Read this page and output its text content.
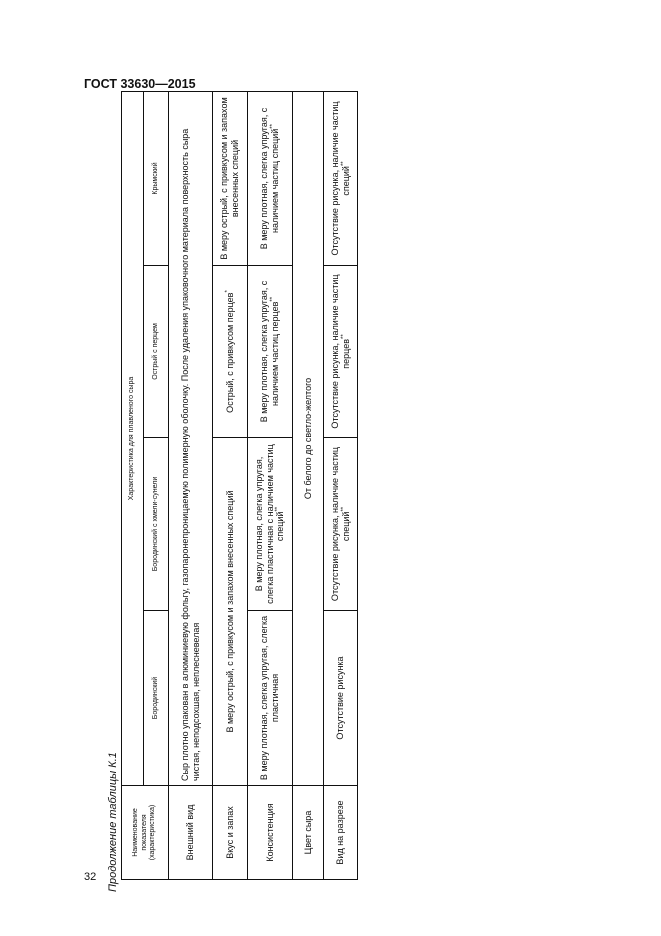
ГОСТ 33630—2015
32 Продолжение таблицы К.1 Наименование показателя (характеристика)	Характеристика для плавленого сыра			
	Бородинский	Бородинский с хмели-сунели	Острый с перцем	Крымский
Внешний вид	Сыр плотно упакован в алюминиевую фольгу, газопаронепроницаемую полимерную оболочку. После удаления упаковочного материала поверхность сыра чистая, неподсохшая, неплесневелая			
Вкус и запах	В меру острый, с привкусом и запахом внесенных специй		Острый, с привкусом перцев*	В меру острый, с привкусом и запахом внесенных специй
Консистенция	В меру плотная, слегка упругая, слегка пластичная	В меру плотная, слегка упругая, слегка пластичная с наличием частиц специй**	В меру плотная, слегка упругая, с наличием частиц перцев**	В меру плотная, слегка упругая, с наличием частиц специй**
Цвет сыра	От белого до светло-желтого			
Вид на разрезе	Отсутствие рисунка	Отсутствие рисунка, наличие частиц специй**	Отсутствие рисунка, наличие частиц перцев**	Отсутствие рисунка, наличие частиц специй**
